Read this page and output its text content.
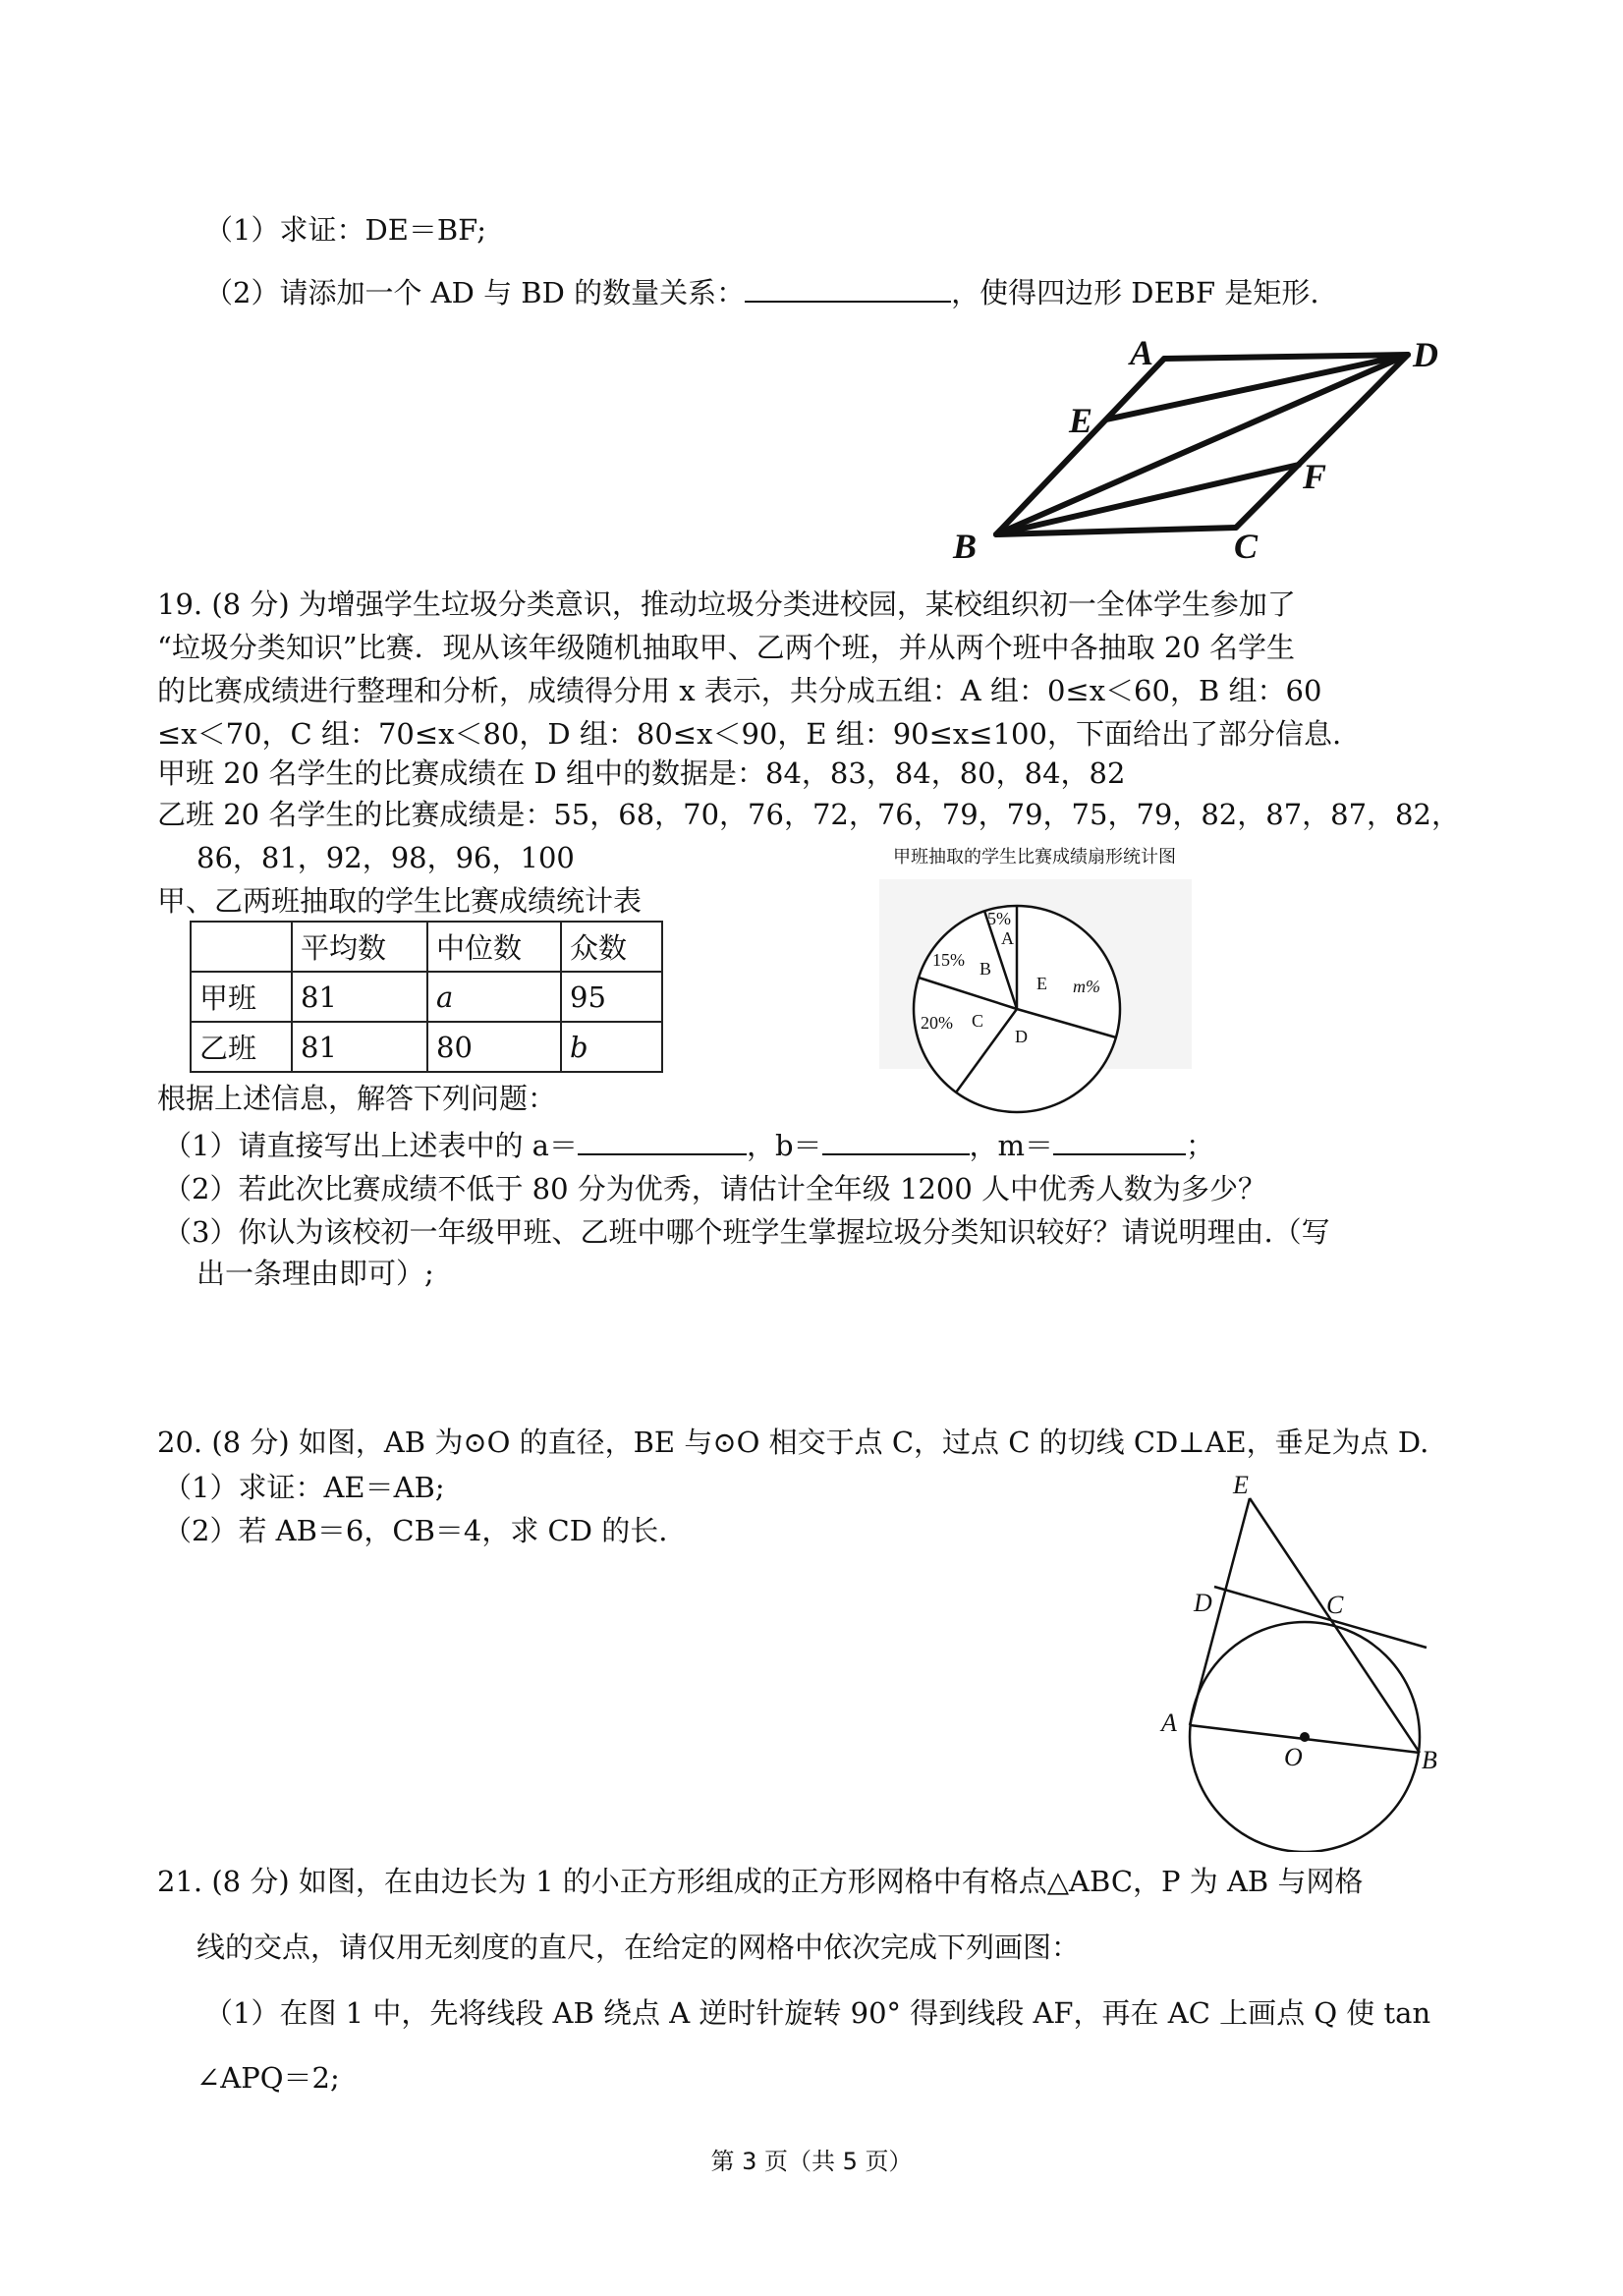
（1）求证：DE＝BF;
（2）请添加一个 AD 与 BD 的数量关系：	，使得四边形 DEBF 是矩形.
A	D
E
F
B	C
19. (8 分) 为增强学生垃圾分类意识，推动垃圾分类进校园，某校组织初一全体学生参加了
“垃圾分类知识”比赛．现从该年级随机抽取甲、乙两个班，并从两个班中各抽取 20 名学生
的比赛成绩进行整理和分析，成绩得分用 x 表示，共分成五组：A 组：0≤x＜60，B 组：60
≤x＜70，C 组：70≤x＜80，D 组：80≤x＜90，E 组：90≤x≤100，下面给出了部分信息.
甲班 20 名学生的比赛成绩在 D 组中的数据是：84，83，84，80，84，82
乙班 20 名学生的比赛成绩是：55，68，70，76，72，76，79，79，75，79，82，87，87，82，
86，81，92，98，96，100
甲、乙两班抽取的学生比赛成绩统计表
	平均数	中位数	众数
甲班	81	a	95
乙班	81	80	b
甲班抽取的学生比赛成绩扇形统计图
5%
A
15% B
20% C
D
E m%
根据上述信息，解答下列问题：
（1）请直接写出上述表中的 a＝	，b＝	，m＝	；
（2）若此次比赛成绩不低于 80 分为优秀，请估计全年级 1200 人中优秀人数为多少？
（3）你认为该校初一年级甲班、乙班中哪个班学生掌握垃圾分类知识较好？请说明理由.（写
出一条理由即可）;
20. (8 分) 如图，AB 为⊙O 的直径，BE 与⊙O 相交于点 C，过点 C 的切线 CD⊥AE，垂足为点 D.
（1）求证：AE＝AB;
（2）若 AB＝6，CB＝4，求 CD 的长.
E
D	C
A
O	B
21. (8 分) 如图，在由边长为 1 的小正方形组成的正方形网格中有格点△ABC，P 为 AB 与网格
线的交点，请仅用无刻度的直尺，在给定的网格中依次完成下列画图：
（1）在图 1 中，先将线段 AB 绕点 A 逆时针旋转 90° 得到线段 AF，再在 AC 上画点 Q 使 tan
∠APQ＝2;
第 3 页（共 5 页）
